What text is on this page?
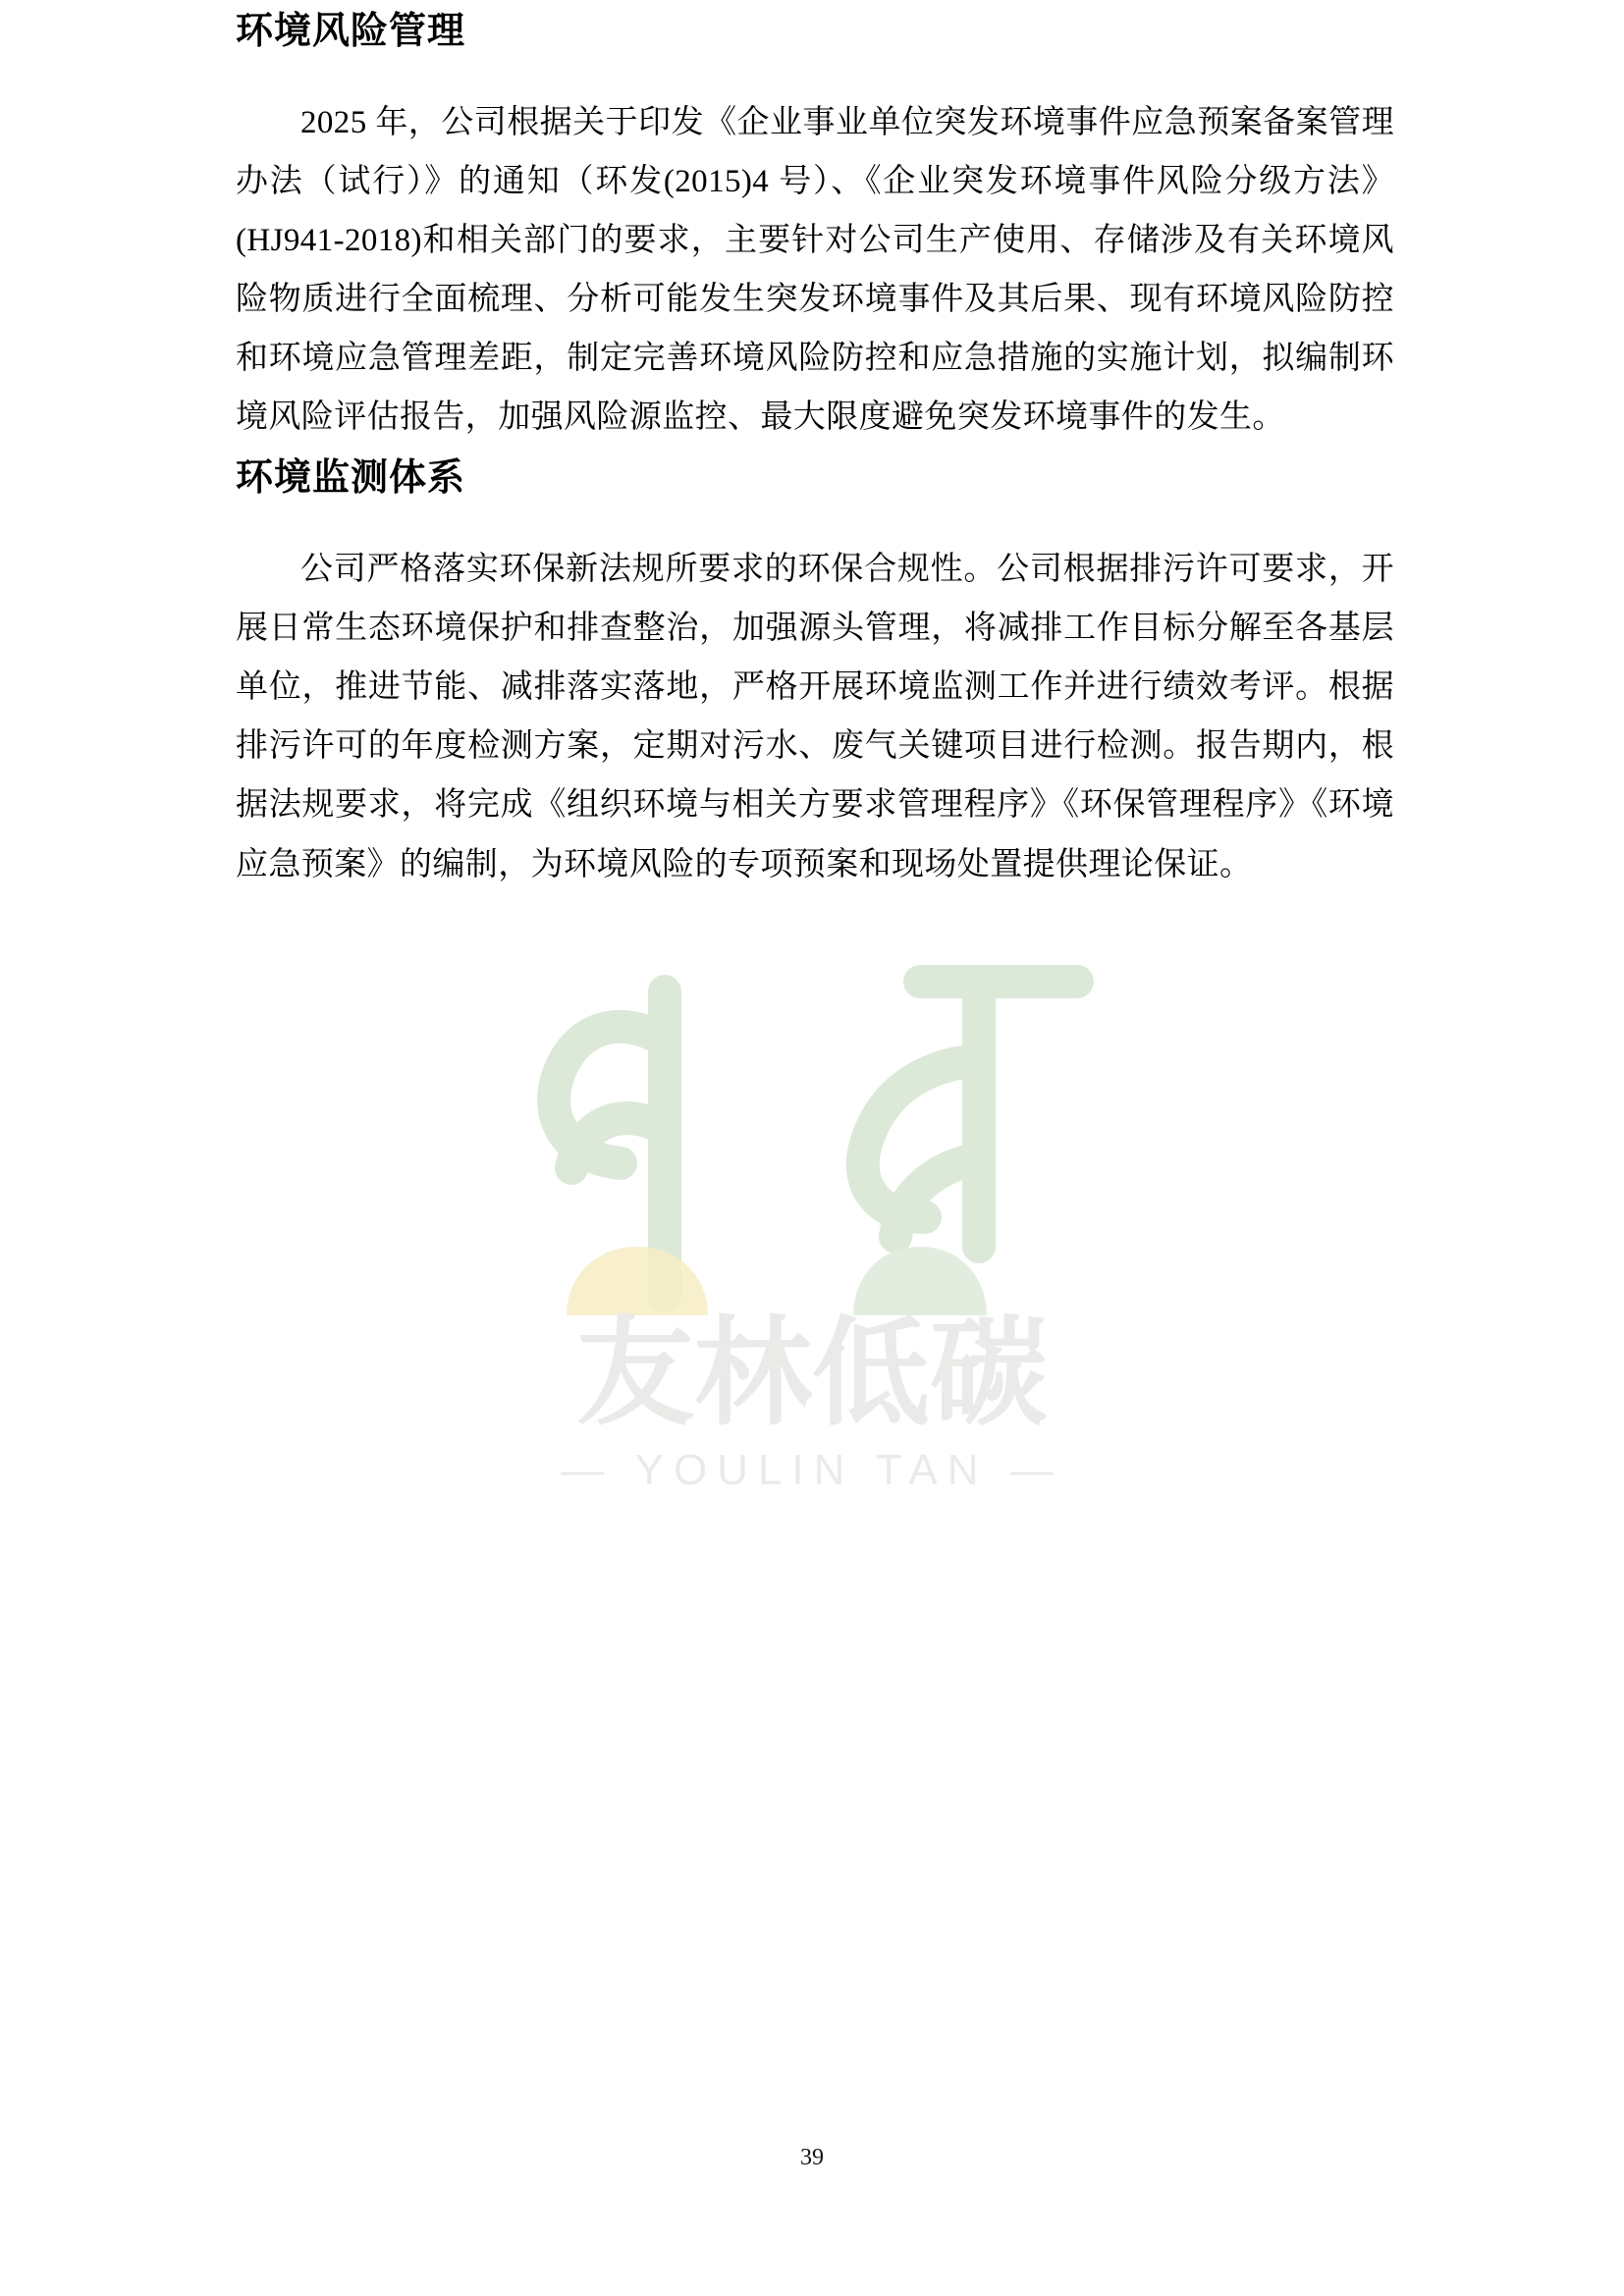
友林低碳
— YOULIN TAN —
环境风险管理

2025 年，公司根据关于印发《企业事业单位突发环境事件应急预案备案管理办法（试行）》的通知（环发(2015)4 号）、《企业突发环境事件风险分级方法》(HJ941-2018)和相关部门的要求，主要针对公司生产使用、存储涉及有关环境风险物质进行全面梳理、分析可能发生突发环境事件及其后果、现有环境风险防控和环境应急管理差距，制定完善环境风险防控和应急措施的实施计划，拟编制环境风险评估报告，加强风险源监控、最大限度避免突发环境事件的发生。

环境监测体系

公司严格落实环保新法规所要求的环保合规性。公司根据排污许可要求，开展日常生态环境保护和排查整治，加强源头管理，将减排工作目标分解至各基层单位，推进节能、减排落实落地，严格开展环境监测工作并进行绩效考评。根据排污许可的年度检测方案，定期对污水、废气关键项目进行检测。报告期内，根据法规要求，将完成《组织环境与相关方要求管理程序》《环保管理程序》《环境应急预案》的编制，为环境风险的专项预案和现场处置提供理论保证。

39
